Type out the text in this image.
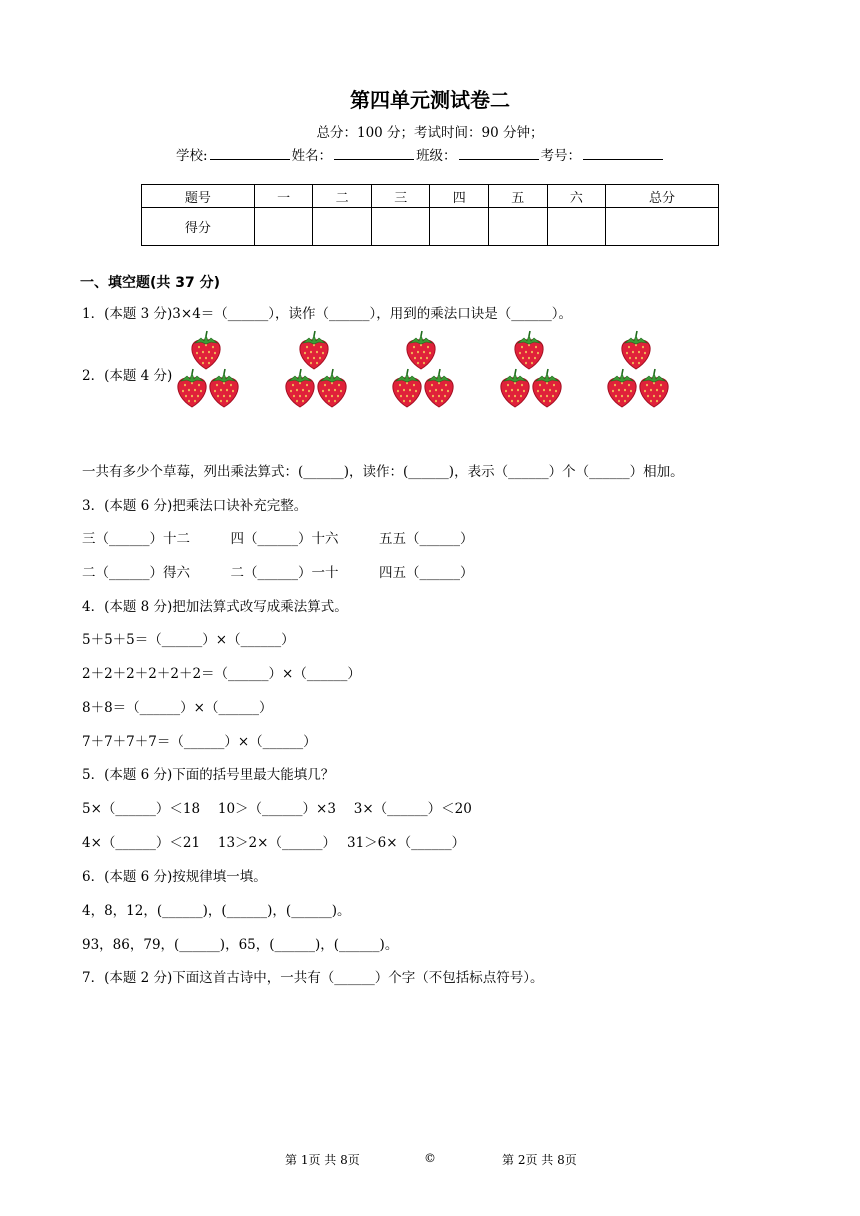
第四单元测试卷二
总分：100 分；考试时间：90 分钟；
学校:	姓名：	班级：	考号：
题号	一	二	三	四	五	六	总分
得分							
一、填空题(共 37 分)
1．(本题 3 分)3×4＝（______），读作（______），用到的乘法口诀是（______）。
2．(本题 4 分)
一共有多少个草莓，列出乘法算式：(______)，读作：(______)，表示（______）个（______）相加。
3．(本题 6 分)把乘法口诀补充完整。
三（______）十二　　　四（______）十六　　　五五（______）
二（______）得六　　　二（______）一十　　　四五（______）
4．(本题 8 分)把加法算式改写成乘法算式。
5＋5＋5＝（______）×（______）
2＋2＋2＋2＋2＋2＝（______）×（______）
8＋8＝（______）×（______）
7＋7＋7＋7＝（______）×（______）
5．(本题 6 分)下面的括号里最大能填几？
5×（______）＜18　 10＞（______）×3　 3×（______）＜20
4×（______）＜21　 13＞2×（______）　 31＞6×（______）
6．(本题 6 分)按规律填一填。
4，8，12，(______)，(______)，(______)。
93，86，79，(______)，65，(______)，(______)。
7．(本题 2 分)下面这首古诗中，一共有（______）个字（不包括标点符号）。
第 1页 共 8页	©	第 2页 共 8页
